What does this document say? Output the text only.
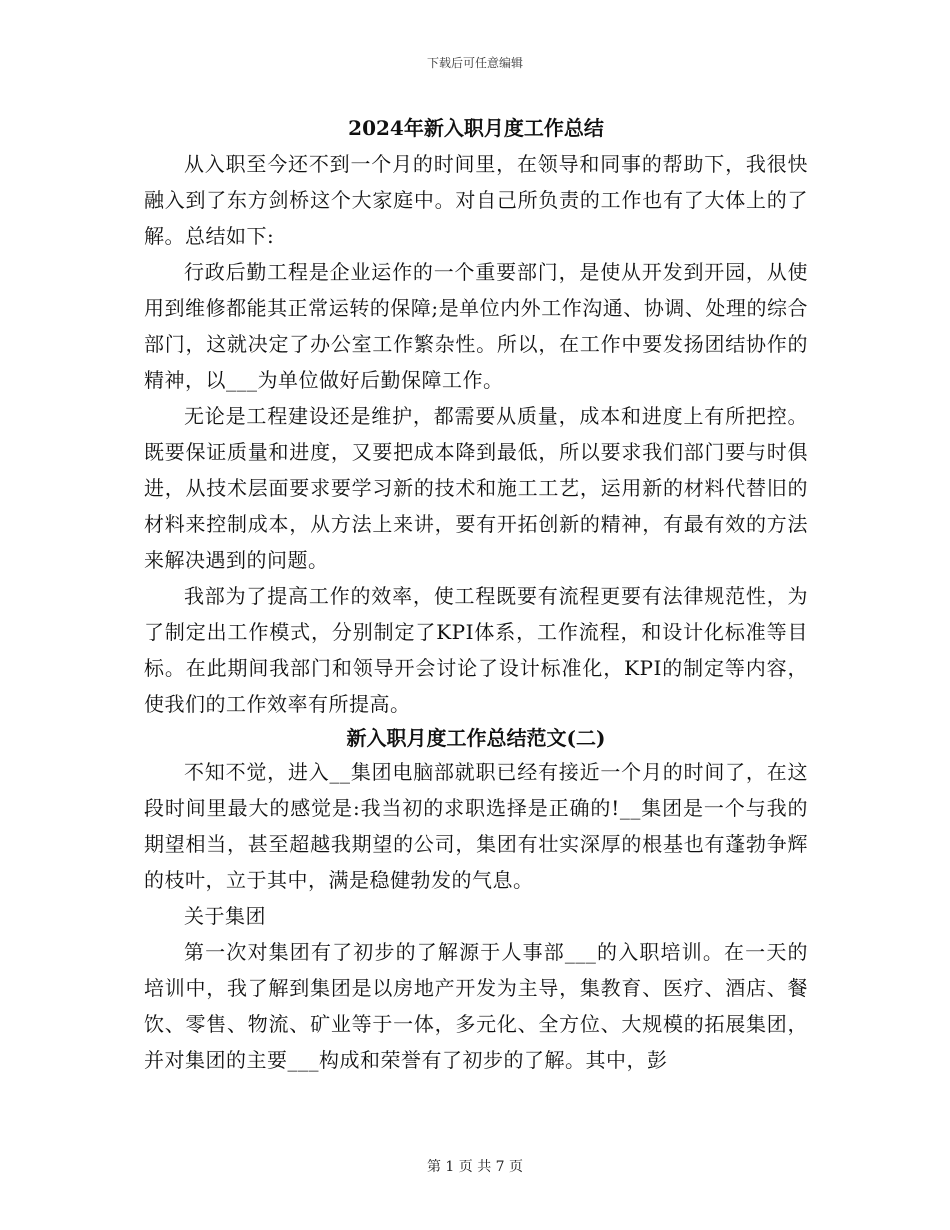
下载后可任意编辑
2024年新入职月度工作总结

从入职至今还不到一个月的时间里，在领导和同事的帮助下，我很快融入到了东方剑桥这个大家庭中。对自己所负责的工作也有了大体上的了解。总结如下:

行政后勤工程是企业运作的一个重要部门，是使从开发到开园，从使用到维修都能其正常运转的保障;是单位内外工作沟通、协调、处理的综合部门，这就决定了办公室工作繁杂性。所以，在工作中要发扬团结协作的精神，以___为单位做好后勤保障工作。

无论是工程建设还是维护，都需要从质量，成本和进度上有所把控。既要保证质量和进度，又要把成本降到最低，所以要求我们部门要与时俱进，从技术层面要求要学习新的技术和施工工艺，运用新的材料代替旧的材料来控制成本，从方法上来讲，要有开拓创新的精神，有最有效的方法来解决遇到的问题。

我部为了提高工作的效率，使工程既要有流程更要有法律规范性，为了制定出工作模式，分别制定了KPI体系，工作流程，和设计化标准等目标。在此期间我部门和领导开会讨论了设计标准化，KPI的制定等内容，使我们的工作效率有所提高。

新入职月度工作总结范文(二)

不知不觉，进入__集团电脑部就职已经有接近一个月的时间了，在这段时间里最大的感觉是:我当初的求职选择是正确的!__集团是一个与我的期望相当，甚至超越我期望的公司，集团有壮实深厚的根基也有蓬勃争辉的枝叶，立于其中，满是稳健勃发的气息。

关于集团

第一次对集团有了初步的了解源于人事部___的入职培训。在一天的培训中，我了解到集团是以房地产开发为主导，集教育、医疗、酒店、餐饮、零售、物流、矿业等于一体，多元化、全方位、大规模的拓展集团，并对集团的主要___构成和荣誉有了初步的了解。其中，彭

第 1 页 共 7 页
